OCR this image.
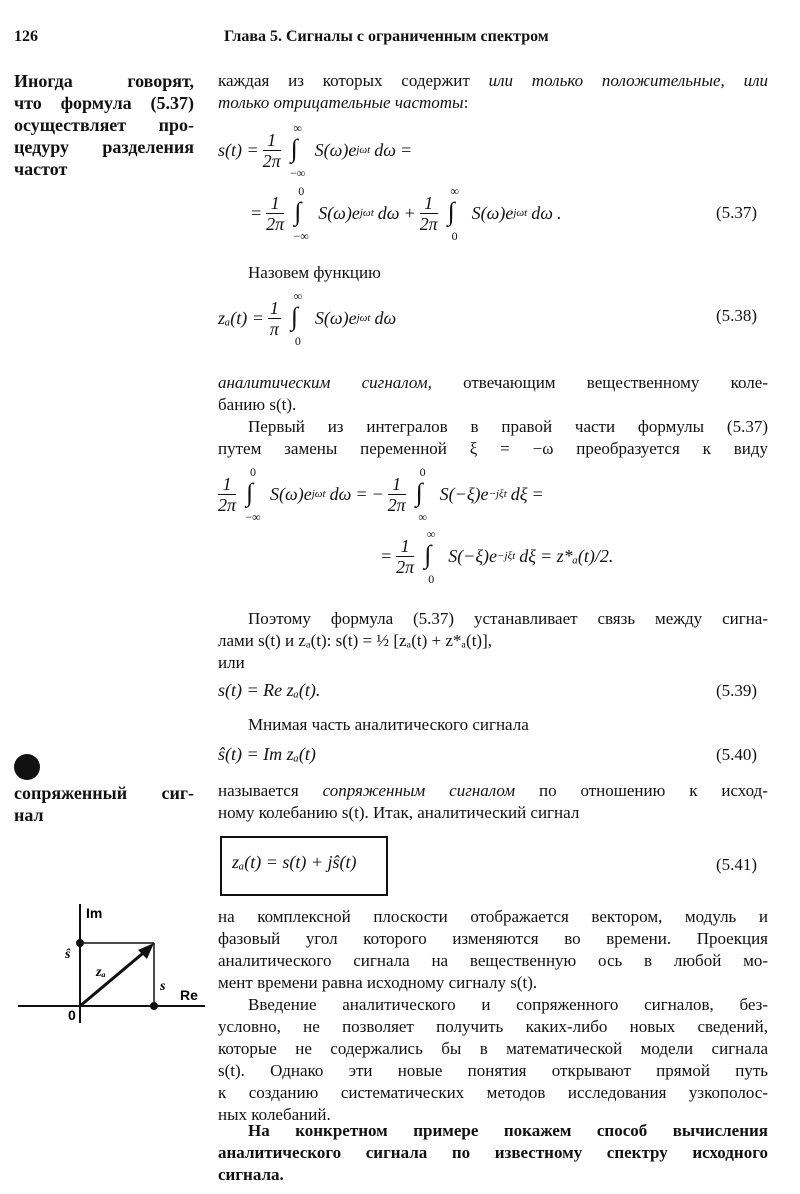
126	Глава 5. Сигналы с ограниченным спектром
Иногда говорят,
что формула (5.37)
осуществляет про-
цедуру разделения
частот
каждая из которых содержит или только положительные, или
только отрицательные частоты:
$s(t) = \frac{1}{2\pi}$
∞
∫
−∞
S(ω)e jωt dω =
= $\frac{1}{2\pi}$
0
∫
−∞
S(ω)e jωt $d\omega + \frac{1}{2\pi}$
∞
∫
0
S(ω)e jωt dω .	(5.37)
Назовем функцию
$z_a(t) = \frac{1}{\pi}$
∞
∫
0
S(ω)e jωt dω	(5.38)
аналитическим сигналом, отвечающим вещественному коле-
банию s(t).
Первый из интегралов в правой части формулы (5.37)
путем замены переменной ξ = −ω преобразуется к виду
$\frac{1}{2\pi}$
0
∫
−∞
S(ω)e jωt dω = − $\frac{1}{2\pi}$
0
∫
∞
S(−ξ)e −jξt dξ =
= $\frac{1}{2\pi}$
∞
∫
0
S(−ξ)e −jξt dξ = z*ₐ(t)/2.
Поэтому формула (5.37) устанавливает связь между сигна-
лами s(t) и zₐ(t): s(t) = ½ [zₐ(t) + z*ₐ(t)],
или
s(t) = Re zₐ(t).	(5.39)
Мнимая часть аналитического сигнала
ŝ(t) = Im zₐ(t)	(5.40)
сопряженный сиг-
нал
называется сопряженным сигналом по отношению к исход-
ному колебанию s(t). Итак, аналитический сигнал
zₐ(t) = s(t) + jŝ(t)	(5.41)
Im
Re
0
ŝ
s
zₐ
на комплексной плоскости отображается вектором, модуль и
фазовый угол которого изменяются во времени. Проекция
аналитического сигнала на вещественную ось в любой мо-
мент времени равна исходному сигналу s(t).
Введение аналитического и сопряженного сигналов, без-
условно, не позволяет получить каких-либо новых сведений,
которые не содержались бы в математической модели сигнала
s(t). Однако эти новые понятия открывают прямой путь
к созданию систематических методов исследования узкополос-
ных колебаний.
На конкретном примере покажем способ вычисления
аналитического сигнала по известному спектру исходного
сигнала.
